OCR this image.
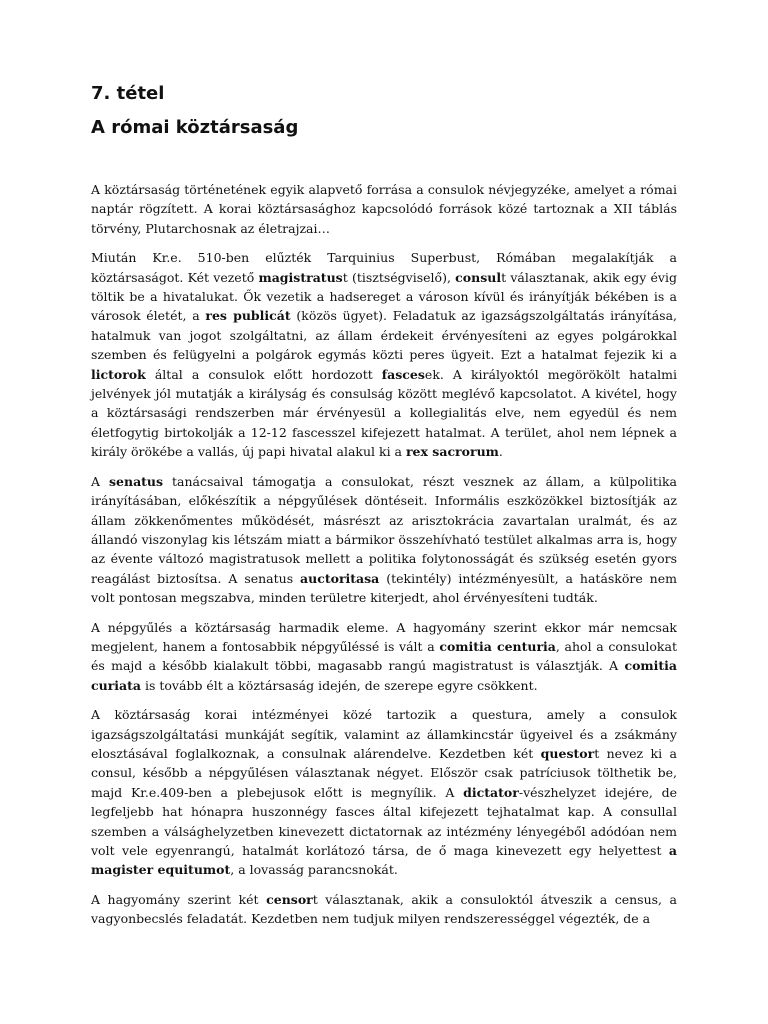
7. tétel
A római köztársaság

A köztársaság történetének egyik alapvető forrása a consulok névjegyzéke, amelyet a római naptár rögzített. A korai köztársasághoz kapcsolódó források közé tartoznak a XII táblás törvény, Plutarchosnak az életrajzai…

Miután Kr.e. 510-ben elűzték Tarquinius Superbust, Rómában megalakítják a köztársaságot. Két vezető magistratust (tisztségviselő), consult választanak, akik egy évig töltik be a hivatalukat. Ők vezetik a hadsereget a városon kívül és irányítják békében is a városok életét, a res publicát (közös ügyet). Feladatuk az igazságszolgáltatás irányítása, hatalmuk van jogot szolgáltatni, az állam érdekeit érvényesíteni az egyes polgárokkal szemben és felügyelni a polgárok egymás közti peres ügyeit. Ezt a hatalmat fejezik ki a lictorok által a consulok előtt hordozott fascesek. A királyoktól megörökölt hatalmi jelvények jól mutatják a királyság és consulság között meglévő kapcsolatot. A kivétel, hogy a köztársasági rendszerben már érvényesül a kollegialitás elve, nem egyedül és nem életfogytig birtokolják a 12-12 fascesszel kifejezett hatalmat. A terület, ahol nem lépnek a király örökébe a vallás, új papi hivatal alakul ki a rex sacrorum.

A senatus tanácsaival támogatja a consulokat, részt vesznek az állam, a külpolitika irányításában, előkészítik a népgyűlések döntéseit. Informális eszközökkel biztosítják az állam zökkenőmentes működését, másrészt az arisztokrácia zavartalan uralmát, és az állandó viszonylag kis létszám miatt a bármikor összehívható testület alkalmas arra is, hogy az évente változó magistratusok mellett a politika folytonosságát és szükség esetén gyors reagálást biztosítsa. A senatus auctoritasa (tekintély) intézményesült, a hatásköre nem volt pontosan megszabva, minden területre kiterjedt, ahol érvényesíteni tudták.

A népgyűlés a köztársaság harmadik eleme. A hagyomány szerint ekkor már nemcsak megjelent, hanem a fontosabbik népgyűléssé is vált a comitia centuria, ahol a consulokat és majd a később kialakult többi, magasabb rangú magistratust is választják. A comitia curiata is tovább élt a köztársaság idején, de szerepe egyre csökkent.

A köztársaság korai intézményei közé tartozik a questura, amely a consulok igazságszolgáltatási munkáját segítik, valamint az államkincstár ügyeivel és a zsákmány elosztásával foglalkoznak, a consulnak alárendelve. Kezdetben két questort nevez ki a consul, később a népgyűlésen választanak négyet. Először csak patríciusok tölthetik be, majd Kr.e.409-ben a plebejusok előtt is megnyílik. A dictator-vészhelyzet idejére, de legfeljebb hat hónapra huszonnégy fasces által kifejezett tejhatalmat kap. A consullal szemben a válsághelyzetben kinevezett dictatornak az intézmény lényegéből adódóan nem volt vele egyenrangú, hatalmát korlátozó társa, de ő maga kinevezett egy helyettest a magister equitumot, a lovasság parancsnokát.

A hagyomány szerint két censort választanak, akik a consuloktól átveszik a census, a vagyonbecslés feladatát. Kezdetben nem tudjuk milyen rendszerességgel végezték, de a
